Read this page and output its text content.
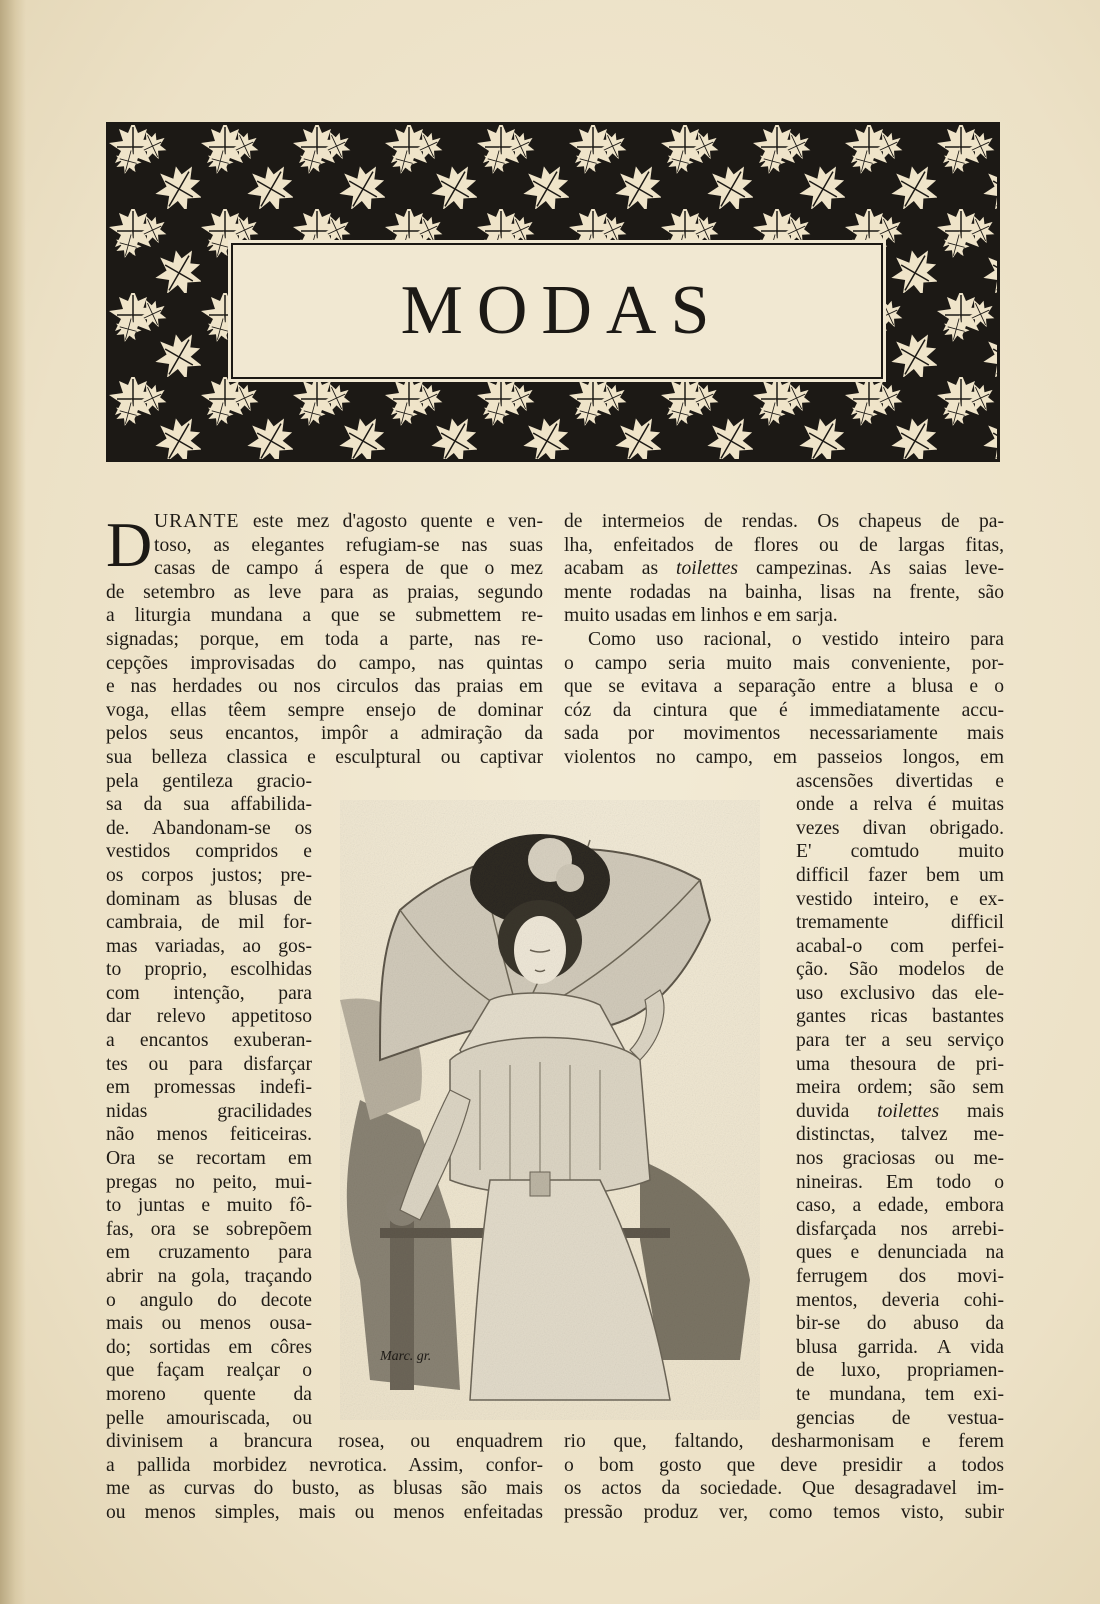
MODAS
D URANTE este mez d'agosto quente e ven-
toso, as elegantes refugiam-se nas suas
casas de campo á espera de que o mez
de setembro as leve para as praias, segundo
a liturgia mundana a que se submettem re-
signadas; porque, em toda a parte, nas re-
cepções improvisadas do campo, nas quintas
e nas herdades ou nos circulos das praias em
voga, ellas têem sempre ensejo de dominar
pelos seus encantos, impôr a admiração da
sua belleza classica e esculptural ou captivar
pela gentileza gracio-
sa da sua affabilida-
de. Abandonam-se os
vestidos compridos e
os corpos justos; pre-
dominam as blusas de
cambraia, de mil for-
mas variadas, ao gos-
to proprio, escolhidas
com intenção, para
dar relevo appetitoso
a encantos exuberan-
tes ou para disfarçar
em promessas indefi-
nidas gracilidades
não menos feiticeiras.
Ora se recortam em
pregas no peito, mui-
to juntas e muito fô-
fas, ora se sobrepõem
em cruzamento para
abrir na gola, traçando
o angulo do decote
mais ou menos ousa-
do; sortidas em côres
que façam realçar o
moreno quente da
pelle amouriscada, ou
divinisem a brancura rosea, ou enquadrem
a pallida morbidez nevrotica. Assim, confor-
me as curvas do busto, as blusas são mais
ou menos simples, mais ou menos enfeitadas
de intermeios de rendas. Os chapeus de pa-
lha, enfeitados de flores ou de largas fitas,
acabam as toilettes campezinas. As saias leve-
mente rodadas na bainha, lisas na frente, são
muito usadas em linhos e em sarja.
Como uso racional, o vestido inteiro para
o campo seria muito mais conveniente, por-
que se evitava a separação entre a blusa e o
cóz da cintura que é immediatamente accu-
sada por movimentos necessariamente mais
violentos no campo, em passeios longos, em
ascensões divertidas e
onde a relva é muitas
vezes divan obrigado.
E' comtudo muito
difficil fazer bem um
vestido inteiro, e ex-
tremamente difficil
acabal-o com perfei-
ção. São modelos de
uso exclusivo das ele-
gantes ricas bastantes
para ter a seu serviço
uma thesoura de pri-
meira ordem; são sem
duvida toilettes mais
distinctas, talvez me-
nos graciosas ou me-
nineiras. Em todo o
caso, a edade, embora
disfarçada nos arrebi-
ques e denunciada na
ferrugem dos movi-
mentos, deveria cohi-
bir-se do abuso da
blusa garrida. A vida
de luxo, propriamen-
te mundana, tem exi-
gencias de vestua-
rio que, faltando, desharmonisam e ferem
o bom gosto que deve presidir a todos
os actos da sociedade. Que desagradavel im-
pressão produz ver, como temos visto, subir
Marc. gr.
